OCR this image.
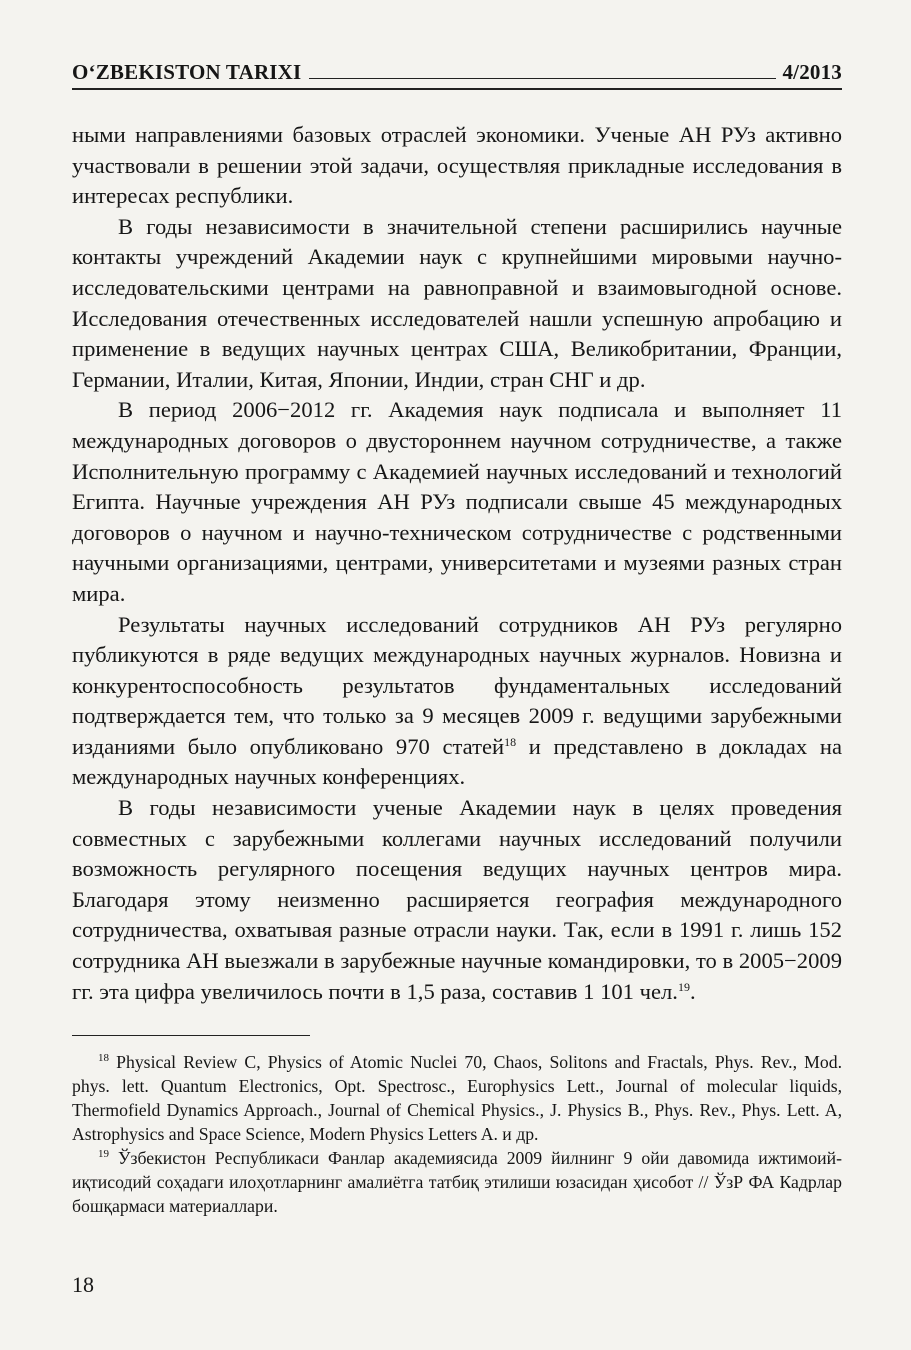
O‘ZBEKISTON TARIXI	4/2013

ными направлениями базовых отраслей экономики. Ученые АН РУз активно участвовали в решении этой задачи, осуществляя прикладные исследования в интересах республики.

В годы независимости в значительной степени расширились научные контакты учреждений Академии наук с крупнейшими мировыми научно-исследовательскими центрами на равноправной и взаимовыгодной основе. Исследования отечественных исследователей нашли успешную апробацию и применение в ведущих научных центрах США, Великобритании, Франции, Германии, Италии, Китая, Японии, Индии, стран СНГ и др.

В период 2006−2012 гг. Академия наук подписала и выполняет 11 международных договоров о двустороннем научном сотрудничестве, а также Исполнительную программу с Академией научных исследований и технологий Египта. Научные учреждения АН РУз подписали свыше 45 международных договоров о научном и научно-техническом сотрудничестве с родственными научными организациями, центрами, университетами и музеями разных стран мира.

Результаты научных исследований сотрудников АН РУз регулярно публикуются в ряде ведущих международных научных журналов. Новизна и конкурентоспособность результатов фундаментальных исследований подтверждается тем, что только за 9 месяцев 2009 г. ведущими зарубежными изданиями было опубликовано 970 статей$^{18}$ и представлено в докладах на международных научных конференциях.

В годы независимости ученые Академии наук в целях проведения совместных с зарубежными коллегами научных исследований получили возможность регулярного посещения ведущих научных центров мира. Благодаря этому неизменно расширяется география международного сотрудничества, охватывая разные отрасли науки. Так, если в 1991 г. лишь 152 сотрудника АН выезжали в зарубежные научные командировки, то в 2005−2009 гг. эта цифра увеличилось почти в 1,5 раза, составив 1 101 чел.$^{19}$.

$^{18}$ Physical Review C, Physics of Atomic Nuclei 70, Chaos, Solitons and Fractals, Phys. Rev., Mod. phys. lett. Quantum Electronics, Opt. Spectrosc., Europhysics Lett., Journal of molecular liquids, Thermofield Dynamics Approach., Journal of Chemical Physics., J. Physics B., Phys. Rev., Phys. Lett. A, Astrophysics and Space Science, Modern Physics Letters A. и др.

$^{19}$ Ўзбекистон Республикаси Фанлар академиясида 2009 йилнинг 9 ойи давомида ижтимоий-иқтисодий соҳадаги илоҳотларнинг амалиётга татбиқ этилиши юзасидан ҳисобот // ЎзР ФА Кадрлар бошқармаси материаллари.

18
